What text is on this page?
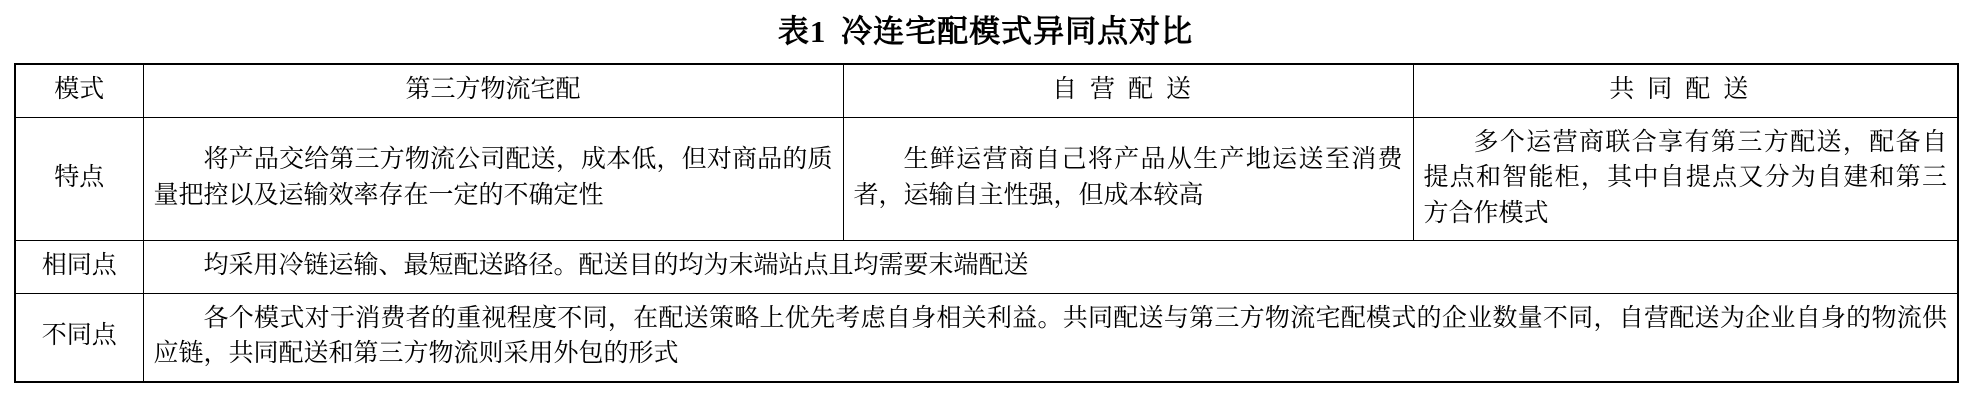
表1 冷连宅配模式异同点对比
模式	第三方物流宅配	自营配送	共同配送
特点	将产品交给第三方物流公司配送，成本低，但对商品的质量把控以及运输效率存在一定的不确定性	生鲜运营商自己将产品从生产地运送至消费者，运输自主性强，但成本较高	多个运营商联合享有第三方配送，配备自提点和智能柜，其中自提点又分为自建和第三方合作模式
相同点	均采用冷链运输、最短配送路径。配送目的均为末端站点且均需要末端配送		
不同点	各个模式对于消费者的重视程度不同，在配送策略上优先考虑自身相关利益。共同配送与第三方物流宅配模式的企业数量不同，自营配送为企业自身的物流供应链，共同配送和第三方物流则采用外包的形式		
